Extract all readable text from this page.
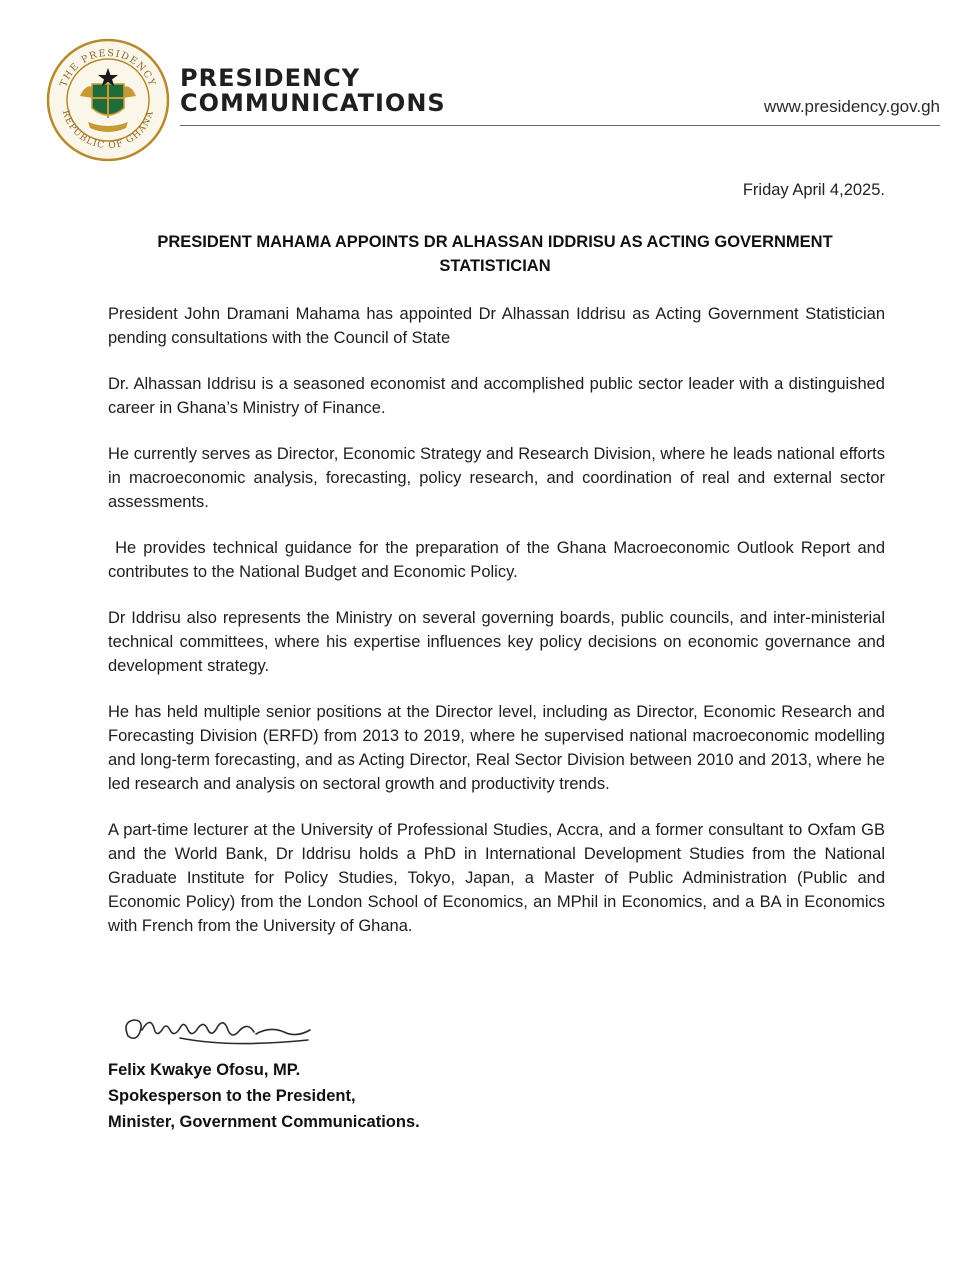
THE PRESIDENCY
REPUBLIC OF GHANA
PRESIDENCY
COMMUNICATIONS	www.presidency.gov.gh
Friday April 4,2025.
PRESIDENT MAHAMA APPOINTS DR ALHASSAN IDDRISU AS ACTING GOVERNMENT STATISTICIAN

President John Dramani Mahama has appointed Dr Alhassan Iddrisu as Acting Government Statistician pending consultations with the Council of State

Dr. Alhassan Iddrisu is a seasoned economist and accomplished public sector leader with a distinguished career in Ghana’s Ministry of Finance.

He currently serves as Director, Economic Strategy and Research Division, where he leads national efforts in macroeconomic analysis, forecasting, policy research, and coordination of real and external sector assessments.

He provides technical guidance for the preparation of the Ghana Macroeconomic Outlook Report and contributes to the National Budget and Economic Policy.

Dr Iddrisu also represents the Ministry on several governing boards, public councils, and inter-ministerial technical committees, where his expertise influences key policy decisions on economic governance and development strategy.

He has held multiple senior positions at the Director level, including as Director, Economic Research and Forecasting Division (ERFD) from 2013 to 2019, where he supervised national macroeconomic modelling and long-term forecasting, and as Acting Director, Real Sector Division between 2010 and 2013, where he led research and analysis on sectoral growth and productivity trends.

A part-time lecturer at the University of Professional Studies, Accra, and a former consultant to Oxfam GB and the World Bank, Dr Iddrisu holds a PhD in International Development Studies from the National Graduate Institute for Policy Studies, Tokyo, Japan, a Master of Public Administration (Public and Economic Policy) from the London School of Economics, an MPhil in Economics, and a BA in Economics with French from the University of Ghana.

Felix Kwakye Ofosu, MP.
Spokesperson to the President,
Minister, Government Communications.
